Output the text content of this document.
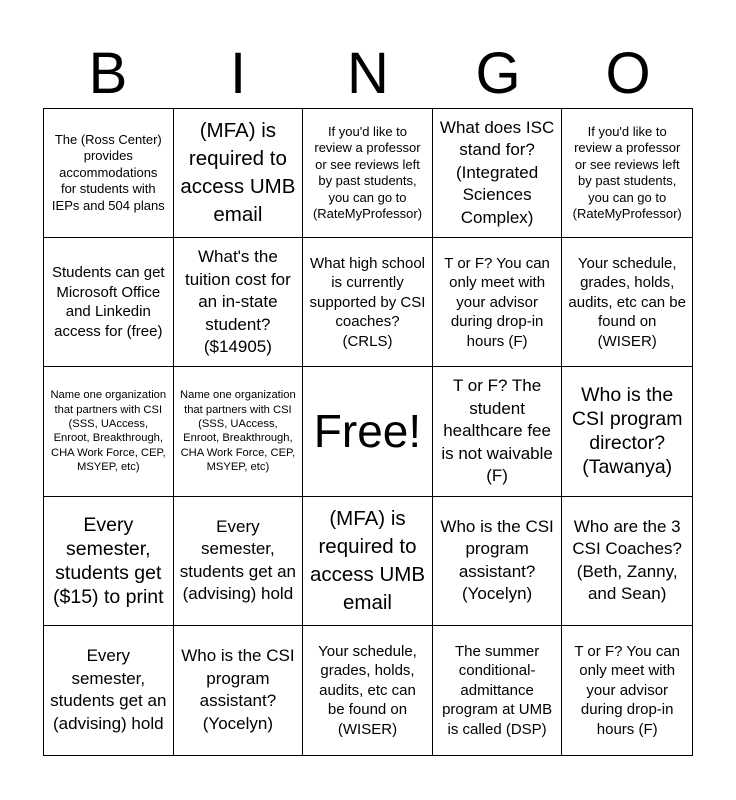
B	I	N	G	O
The (Ross Center) provides accommodations for students with IEPs and 504 plans
(MFA) is required to access UMB email
If you'd like to review a professor or see reviews left by past students, you can go to (RateMyProfessor)
What does ISC stand for? (Integrated Sciences Complex)
If you'd like to review a professor or see reviews left by past students, you can go to (RateMyProfessor)
Students can get Microsoft Office and Linkedin access for (free)
What's the tuition cost for an in-state student? ($14905)
What high school is currently supported by CSI coaches? (CRLS)
T or F? You can only meet with your advisor during drop-in hours (F)
Your schedule, grades, holds, audits, etc can be found on (WISER)
Name one organization that partners with CSI (SSS, UAccess, Enroot, Breakthrough, CHA Work Force, CEP, MSYEP, etc)
Name one organization that partners with CSI (SSS, UAccess, Enroot, Breakthrough, CHA Work Force, CEP, MSYEP, etc)
Free!
T or F? The student healthcare fee is not waivable (F)
Who is the CSI program director? (Tawanya)
Every semester, students get ($15) to print
Every semester, students get an (advising) hold
(MFA) is required to access UMB email
Who is the CSI program assistant? (Yocelyn)
Who are the 3 CSI Coaches? (Beth, Zanny, and Sean)
Every semester, students get an (advising) hold
Who is the CSI program assistant? (Yocelyn)
Your schedule, grades, holds, audits, etc can be found on (WISER)
The summer conditional-admittance program at UMB is called (DSP)
T or F? You can only meet with your advisor during drop-in hours (F)
